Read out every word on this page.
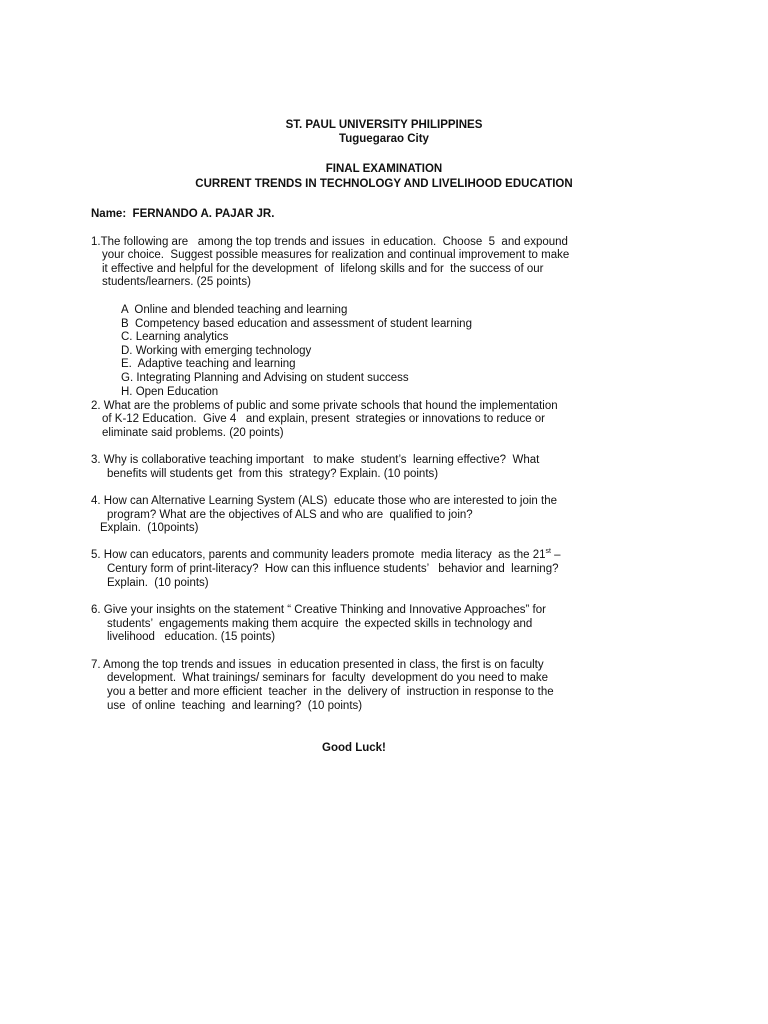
ST. PAUL UNIVERSITY PHILIPPINES
Tuguegarao City
FINAL EXAMINATION
CURRENT TRENDS IN TECHNOLOGY AND LIVELIHOOD EDUCATION
Name:  FERNANDO A. PAJAR JR.
1.The following are   among the top trends and issues  in education.  Choose  5  and expound
your choice.  Suggest possible measures for realization and continual improvement to make
it effective and helpful for the development  of  lifelong skills and for  the success of our
students/learners. (25 points)
A  Online and blended teaching and learning
B  Competency based education and assessment of student learning
C. Learning analytics
D. Working with emerging technology
E.  Adaptive teaching and learning
G. Integrating Planning and Advising on student success
H. Open Education
2. What are the problems of public and some private schools that hound the implementation
of K-12 Education.  Give 4   and explain, present  strategies or innovations to reduce or
eliminate said problems. (20 points)
3. Why is collaborative teaching important   to make  student’s  learning effective?  What
benefits will students get  from this  strategy? Explain. (10 points)
4. How can Alternative Learning System (ALS)  educate those who are interested to join the
program? What are the objectives of ALS and who are  qualified to join?
Explain.  (10points)
5. How can educators, parents and community leaders promote  media literacy  as the 21st –
Century form of print-literacy?  How can this influence students’   behavior and  learning?
Explain.  (10 points)
6. Give your insights on the statement “ Creative Thinking and Innovative Approaches” for
students’  engagements making them acquire  the expected skills in technology and
livelihood   education. (15 points)
7. Among the top trends and issues  in education presented in class, the first is on faculty
development.  What trainings/ seminars for  faculty  development do you need to make
you a better and more efficient  teacher  in the  delivery of  instruction in response to the
use  of online  teaching  and learning?  (10 points)
Good Luck!
